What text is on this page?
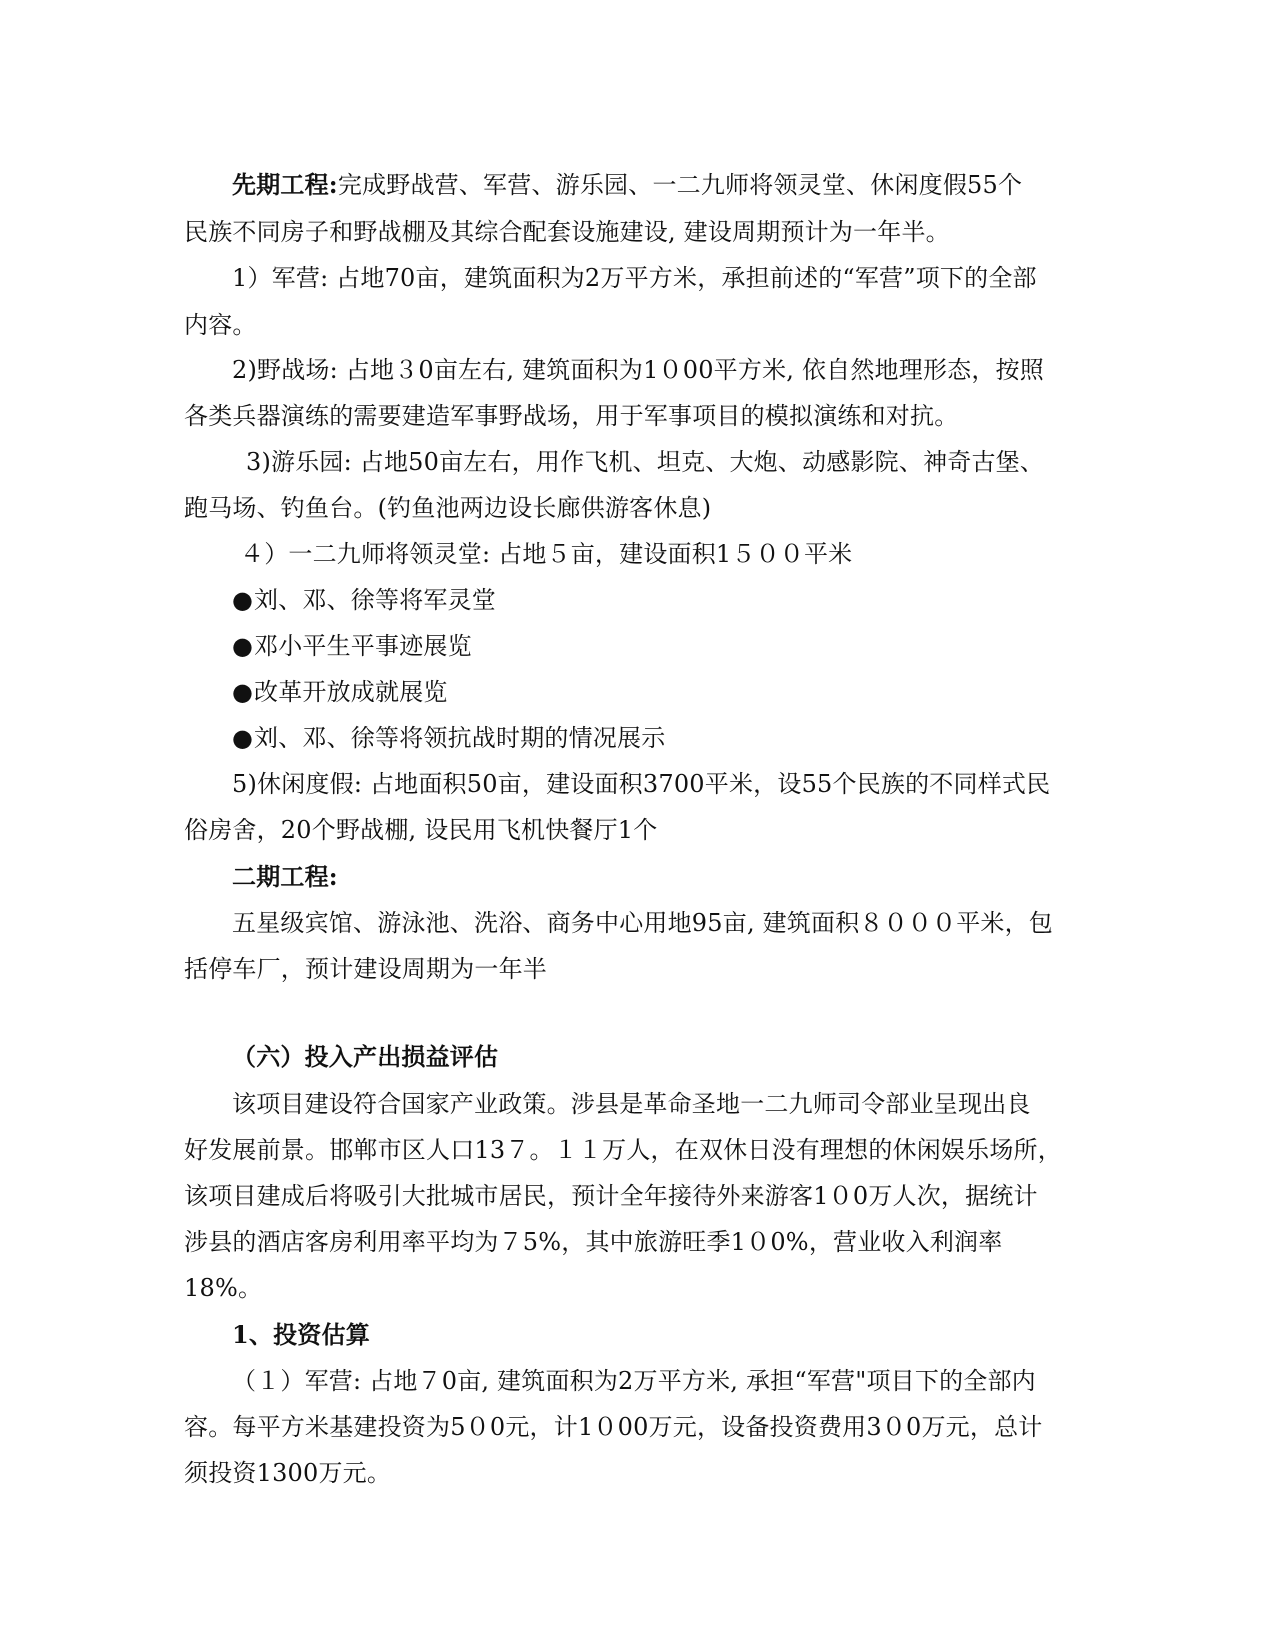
先期工程:完成野战营、军营、游乐园、一二九师将领灵堂、休闲度假55个
民族不同房子和野战棚及其综合配套设施建设, 建设周期预计为一年半。
1）军营: 占地70亩，建筑面积为2万平方米，承担前述的“军营”项下的全部
内容。
2)野战场: 占地３0亩左右, 建筑面积为1０00平方米, 依自然地理形态，按照
各类兵器演练的需要建造军事野战场，用于军事项目的模拟演练和对抗。
3)游乐园: 占地50亩左右，用作飞机、坦克、大炮、动感影院、神奇古堡、
跑马场、钓鱼台。(钓鱼池两边设长廊供游客休息)
４）一二九师将领灵堂: 占地５亩，建设面积1５００平米
●刘、邓、徐等将军灵堂
●邓小平生平事迹展览
●改革开放成就展览
●刘、邓、徐等将领抗战时期的情况展示
5)休闲度假: 占地面积50亩，建设面积3700平米，设55个民族的不同样式民
俗房舍，20个野战棚, 设民用飞机快餐厅1个
二期工程:
五星级宾馆、游泳池、洗浴、商务中心用地95亩, 建筑面积８０００平米，包
括停车厂，预计建设周期为一年半
（六）投入产出损益评估
该项目建设符合国家产业政策。涉县是革命圣地一二九师司令部业呈现出良
好发展前景。邯郸市区人口13７。１１万人，在双休日没有理想的休闲娱乐场所，
该项目建成后将吸引大批城市居民，预计全年接待外来游客1０0万人次，据统计
涉县的酒店客房利用率平均为７5%，其中旅游旺季1０0%，营业收入利润率
18%。
1、投资估算
（１）军营: 占地７0亩, 建筑面积为2万平方米, 承担“军营"项目下的全部内
容。每平方米基建投资为5０0元，计1０00万元，设备投资费用3０0万元，总计
须投资1300万元。
